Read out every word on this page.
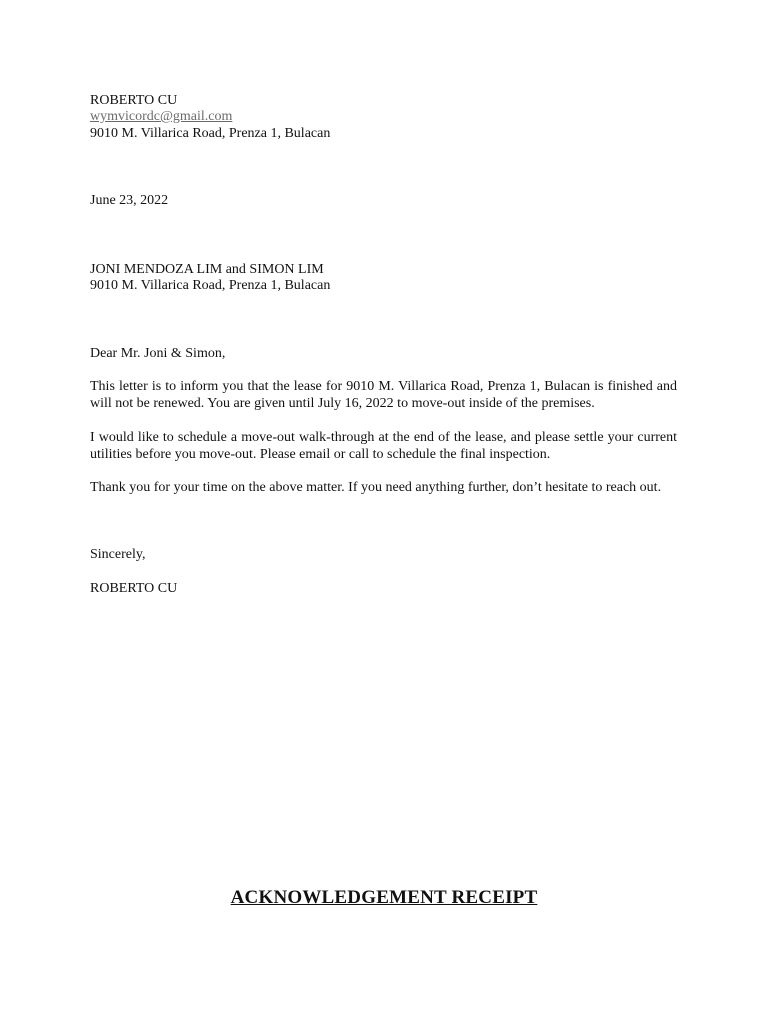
ROBERTO CU
wymvicordc@gmail.com
9010 M. Villarica Road, Prenza 1, Bulacan
June 23, 2022
JONI MENDOZA LIM and SIMON LIM
9010 M. Villarica Road, Prenza 1, Bulacan
Dear Mr. Joni & Simon,
This letter is to inform you that the lease for 9010 M. Villarica Road, Prenza 1, Bulacan is finished and will not be renewed. You are given until July 16, 2022 to move-out inside of the premises.
I would like to schedule a move-out walk-through at the end of the lease, and please settle your current utilities before you move-out. Please email or call to schedule the final inspection.
Thank you for your time on the above matter. If you need anything further, don’t hesitate to reach out.
Sincerely,
ROBERTO CU
ACKNOWLEDGEMENT RECEIPT
